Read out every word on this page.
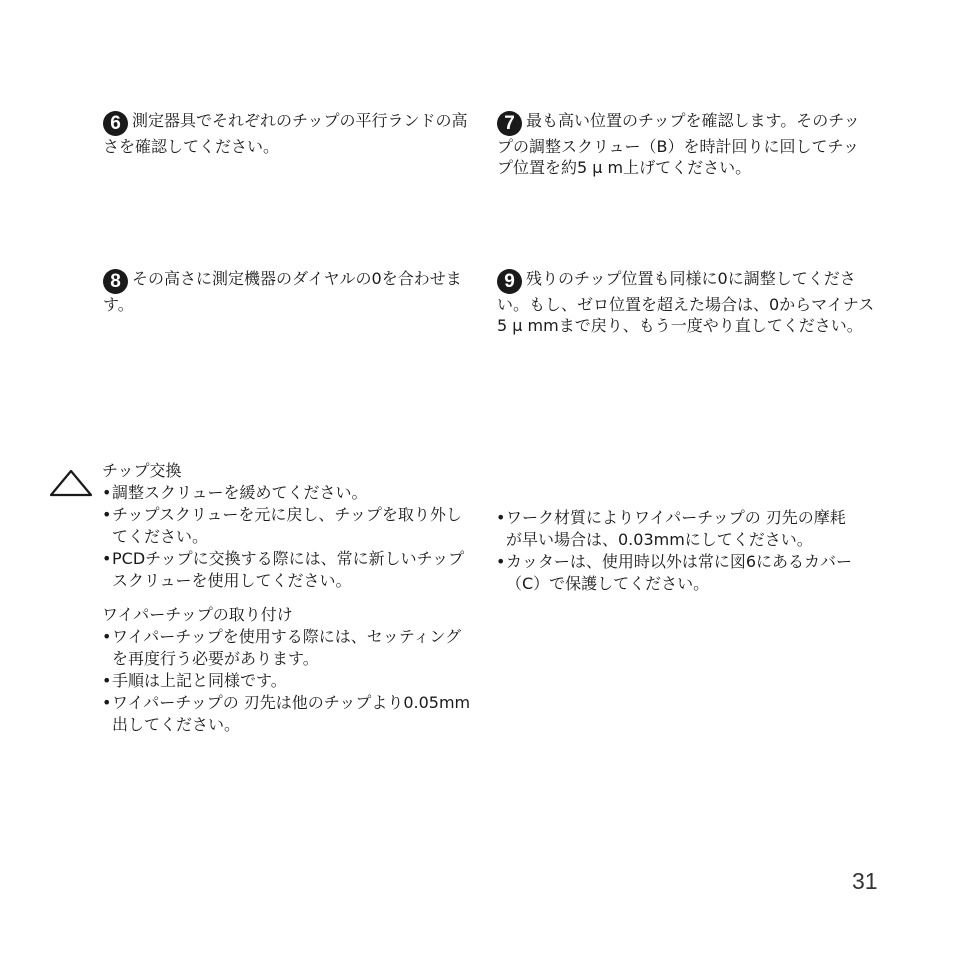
6 測定器具でそれぞれのチップの平行ランドの高さを確認してください。

7 最も高い位置のチップを確認します。そのチップの調整スクリュー（B）を時計回りに回してチップ位置を約5 μ m上げてください。

8 その高さに測定機器のダイヤルの0を合わせます。

9 残りのチップ位置も同様に0に調整してください。もし、ゼロ位置を超えた場合は、0からマイナス5 μ mmまで戻り、もう一度やり直してください。

チップ交換

• 調整スクリューを緩めてください。
• チップスクリューを元に戻し、チップを取り外してください。
• PCDチップに交換する際には、常に新しいチップスクリューを使用してください。

ワイパーチップの取り付け

• ワイパーチップを使用する際には、セッティングを再度行う必要があります。
• 手順は上記と同様です。
• ワイパーチップの 刃先は他のチップより0.05mm出してください。
• ワーク材質によりワイパーチップの 刃先の摩耗が早い場合は、0.03mmにしてください。
• カッターは、使用時以外は常に図6にあるカバー（C）で保護してください。
31
